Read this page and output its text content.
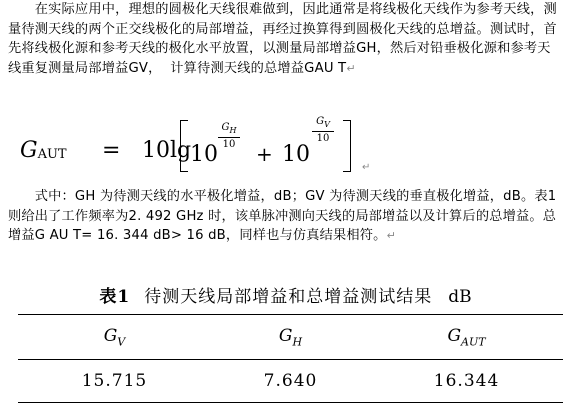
　　在实际应用中，理想的圆极化天线很难做到，因此通常是将线极化天线作为参考天线，测量待测天线的两个正交线极化的局部增益，再经过换算得到圆极化天线的总增益。测试时，首先将线极化源和参考天线的极化水平放置，以测量局部增益GH，然后对铅垂极化源和参考天线重复测量局部增益GV，  计算待测天线的总增益GAU T↵
$G_{AUT} = 10\lg$
10
$G_H$
10 + 10
$G_V$
10
↵
　　式中：GH 为待测天线的水平极化增益，dB；GV 为待测天线的垂直极化增益，dB。表1 则给出了工作频率为2. 492 GHz 时，该单脉冲测向天线的局部增益以及计算后的总增益。总增益G AU T= 16. 344 dB> 16 dB，同样也与仿真结果相符。↵
表1 待测天线局部增益和总增益测试结果 dB
$G_V$	$G_H$	$G_{AUT}$
15.715	7.640	16.344
